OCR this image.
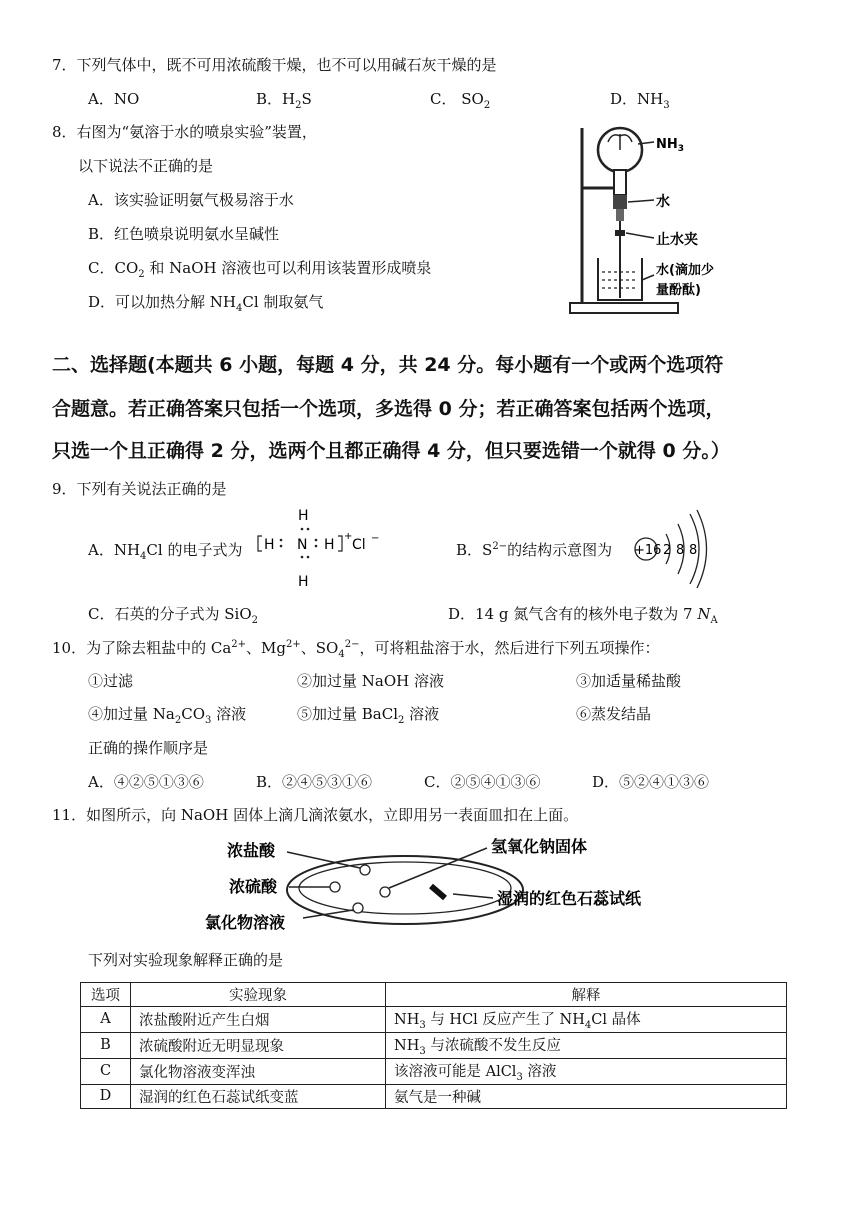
7．下列气体中，既不可用浓硫酸干燥，也不可以用碱石灰干燥的是
A．NO	B．$H_2S$	C． $SO_2$	D．$NH_3$
8．右图为“氨溶于水的喷泉实验”装置，
以下说法不正确的是
A．该实验证明氨气极易溶于水
B．红色喷泉说明氨水呈碱性
C．$CO_2$ 和 NaOH 溶液也可以利用该装置形成喷泉
D．可以加热分解 $NH_4Cl$ 制取氨气
$NH_3$
水
止水夹
水(滴加少
量酚酞)
二、选择题(本题共 6 小题，每题 4 分，共 24 分。每小题有一个或两个选项符
合题意。若正确答案只包括一个选项，多选得 0 分；若正确答案包括两个选项，
只选一个且正确得 2 分，选两个且都正确得 4 分，但只要选错一个就得 0 分。）
9．下列有关说法正确的是
A．$NH_4Cl$ 的电子式为
H
H N H
+
Cl −
H
B．$S^{2-}$的结构示意图为 +16 2 8 8
C．石英的分子式为 SiO$_2$	D．14 g 氮气含有的核外电子数为 7 $N_A$
10．为了除去粗盐中的 $Ca^{2+}$、$Mg^{2+}$、$SO_4^{2-}$，可将粗盐溶于水，然后进行下列五项操作：
①过滤	②加过量 NaOH 溶液	③加适量稀盐酸
④加过量 $Na_2CO_3$ 溶液	⑤加过量 BaCl$_2$ 溶液	⑥蒸发结晶
正确的操作顺序是
A．④②⑤①③⑥	B．②④⑤③①⑥	C．②⑤④①③⑥	D．⑤②④①③⑥
11．如图所示，向 NaOH 固体上滴几滴浓氨水，立即用另一表面皿扣在上面。
浓盐酸
浓硫酸
氯化物溶液
氢氧化钠固体
湿润的红色石蕊试纸
下列对实验现象解释正确的是
选项	实验现象	解释
A	浓盐酸附近产生白烟	$NH_3$ 与 HCl 反应产生了 $NH_4Cl$ 晶体
B	浓硫酸附近无明显现象	$NH_3$ 与浓硫酸不发生反应
C	氯化物溶液变浑浊	该溶液可能是 AlCl$_3$ 溶液
D	湿润的红色石蕊试纸变蓝	氨气是一种碱
